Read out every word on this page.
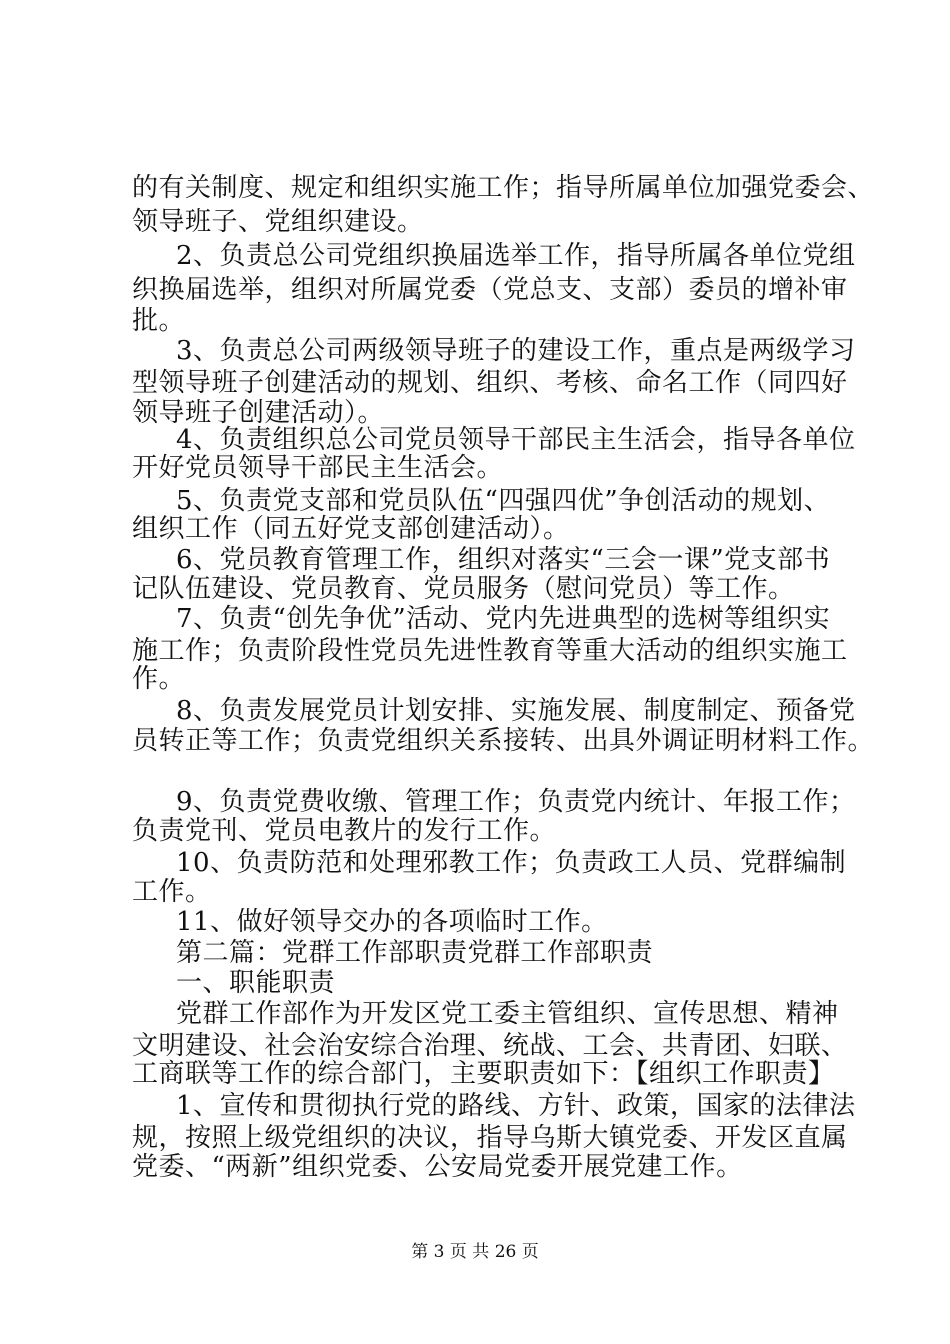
的有关制度、规定和组织实施工作；指导所属单位加强党委会、
领导班子、党组织建设。
2、负责总公司党组织换届选举工作，指导所属各单位党组
织换届选举，组织对所属党委（党总支、支部）委员的增补审
批。
3、负责总公司两级领导班子的建设工作，重点是两级学习
型领导班子创建活动的规划、组织、考核、命名工作（同四好
领导班子创建活动）。
4、负责组织总公司党员领导干部民主生活会，指导各单位
开好党员领导干部民主生活会。
5、负责党支部和党员队伍“四强四优”争创活动的规划、
组织工作（同五好党支部创建活动）。
6、党员教育管理工作，组织对落实“三会一课”党支部书
记队伍建设、党员教育、党员服务（慰问党员）等工作。
7、负责“创先争优”活动、党内先进典型的选树等组织实
施工作；负责阶段性党员先进性教育等重大活动的组织实施工
作。
8、负责发展党员计划安排、实施发展、制度制定、预备党
员转正等工作；负责党组织关系接转、出具外调证明材料工作。
9、负责党费收缴、管理工作；负责党内统计、年报工作；
负责党刊、党员电教片的发行工作。
10、负责防范和处理邪教工作；负责政工人员、党群编制
工作。
11、做好领导交办的各项临时工作。
第二篇：党群工作部职责党群工作部职责
一、职能职责
党群工作部作为开发区党工委主管组织、宣传思想、精神
文明建设、社会治安综合治理、统战、工会、共青团、妇联、
工商联等工作的综合部门，主要职责如下：【组织工作职责】
1、宣传和贯彻执行党的路线、方针、政策，国家的法律法
规，按照上级党组织的决议，指导乌斯大镇党委、开发区直属
党委、“两新”组织党委、公安局党委开展党建工作。
第 3 页 共 26 页
